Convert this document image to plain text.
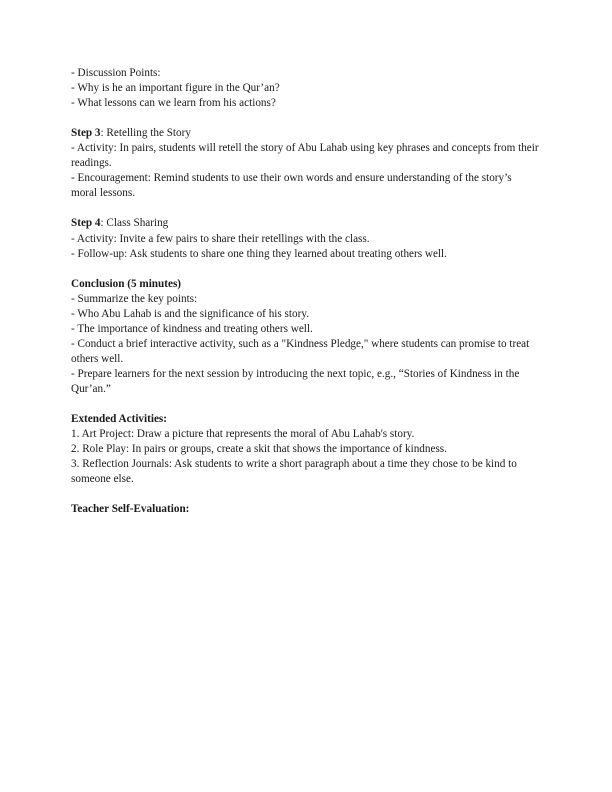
- Discussion Points:

- Why is he an important figure in the Qur’an?

- What lessons can we learn from his actions?

Step 3: Retelling the Story

- Activity: In pairs, students will retell the story of Abu Lahab using key phrases and concepts from their readings.

- Encouragement: Remind students to use their own words and ensure understanding of the story’s moral lessons.

Step 4: Class Sharing

- Activity: Invite a few pairs to share their retellings with the class.

- Follow-up: Ask students to share one thing they learned about treating others well.

Conclusion (5 minutes)

- Summarize the key points:

- Who Abu Lahab is and the significance of his story.

- The importance of kindness and treating others well.

- Conduct a brief interactive activity, such as a "Kindness Pledge," where students can promise to treat others well.

- Prepare learners for the next session by introducing the next topic, e.g., “Stories of Kindness in the Qur’an.”

Extended Activities:

1. Art Project: Draw a picture that represents the moral of Abu Lahab's story.

2. Role Play: In pairs or groups, create a skit that shows the importance of kindness.

3. Reflection Journals: Ask students to write a short paragraph about a time they chose to be kind to someone else.

Teacher Self-Evaluation:
